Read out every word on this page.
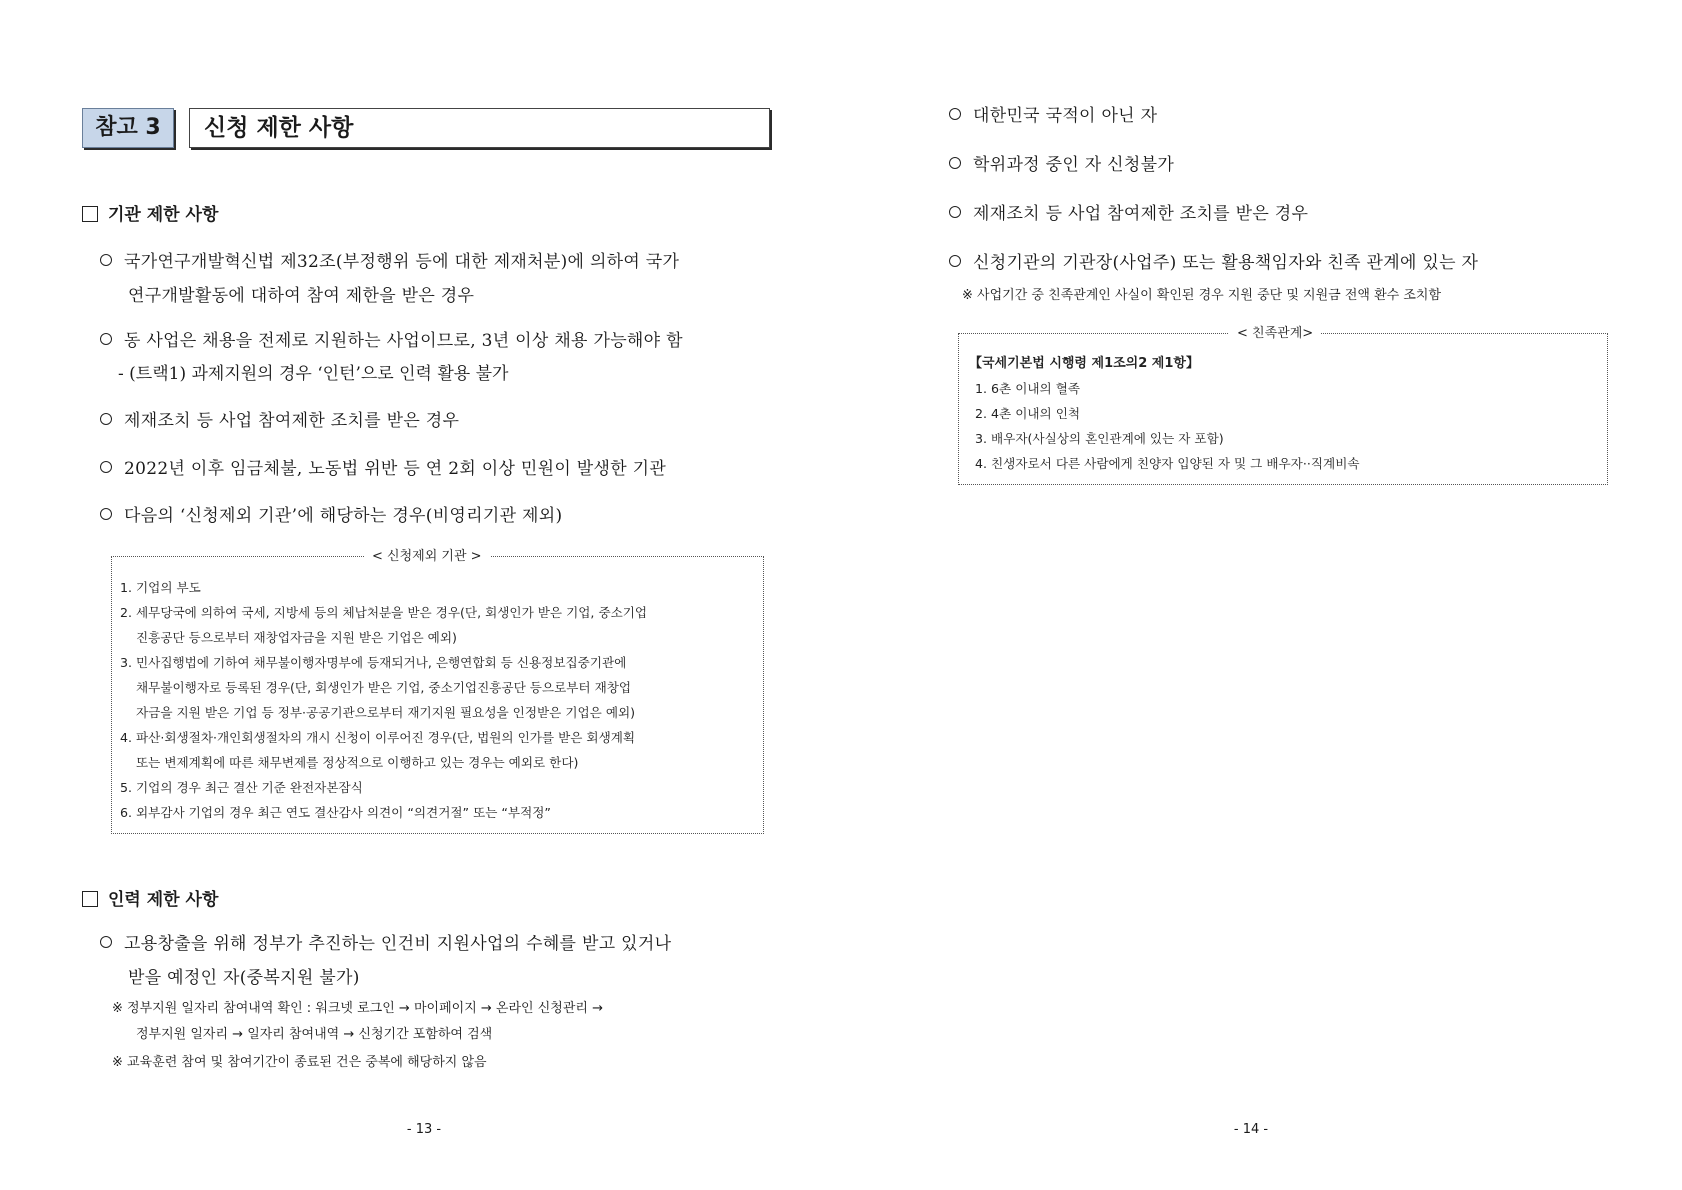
참고 3	신청 제한 사항
기관 제한 사항
국가연구개발혁신법 제32조(부정행위 등에 대한 제재처분)에 의하여 국가
연구개발활동에 대하여 참여 제한을 받은 경우
동 사업은 채용을 전제로 지원하는 사업이므로, 3년 이상 채용 가능해야 함
- (트랙1) 과제지원의 경우 ‘인턴’으로 인력 활용 불가
제재조치 등 사업 참여제한 조치를 받은 경우
2022년 이후 임금체불, 노동법 위반 등 연 2회 이상 민원이 발생한 기관
다음의 ‘신청제외 기관’에 해당하는 경우(비영리기관 제외)
< 신청제외 기관 >
1. 기업의 부도
2. 세무당국에 의하여 국세, 지방세 등의 체납처분을 받은 경우(단, 회생인가 받은 기업, 중소기업
진흥공단 등으로부터 재창업자금을 지원 받은 기업은 예외)
3. 민사집행법에 기하여 채무불이행자명부에 등재되거나, 은행연합회 등 신용정보집중기관에
채무불이행자로 등록된 경우(단, 회생인가 받은 기업, 중소기업진흥공단 등으로부터 재창업
자금을 지원 받은 기업 등 정부·공공기관으로부터 재기지원 필요성을 인정받은 기업은 예외)
4. 파산·회생절차·개인회생절차의 개시 신청이 이루어진 경우(단, 법원의 인가를 받은 회생계획
또는 변제계획에 따른 채무변제를 정상적으로 이행하고 있는 경우는 예외로 한다)
5. 기업의 경우 최근 결산 기준 완전자본잠식
6. 외부감사 기업의 경우 최근 연도 결산감사 의견이 “의견거절” 또는 “부적정”
인력 제한 사항
고용창출을 위해 정부가 추진하는 인건비 지원사업의 수혜를 받고 있거나
받을 예정인 자(중복지원 불가)
※ 정부지원 일자리 참여내역 확인 : 워크넷 로그인 → 마이페이지 → 온라인 신청관리 →
정부지원 일자리 → 일자리 참여내역 → 신청기간 포함하여 검색
※ 교육훈련 참여 및 참여기간이 종료된 건은 중복에 해당하지 않음
- 13 -
대한민국 국적이 아닌 자
학위과정 중인 자 신청불가
제재조치 등 사업 참여제한 조치를 받은 경우
신청기관의 기관장(사업주) 또는 활용책임자와 친족 관계에 있는 자
※ 사업기간 중 친족관계인 사실이 확인된 경우 지원 중단 및 지원금 전액 환수 조치함
< 친족관계>
【국세기본법 시행령 제1조의2 제1항】
1. 6촌 이내의 혈족
2. 4촌 이내의 인척
3. 배우자(사실상의 혼인관계에 있는 자 포함)
4. 친생자로서 다른 사람에게 친양자 입양된 자 및 그 배우자··직계비속
- 14 -
